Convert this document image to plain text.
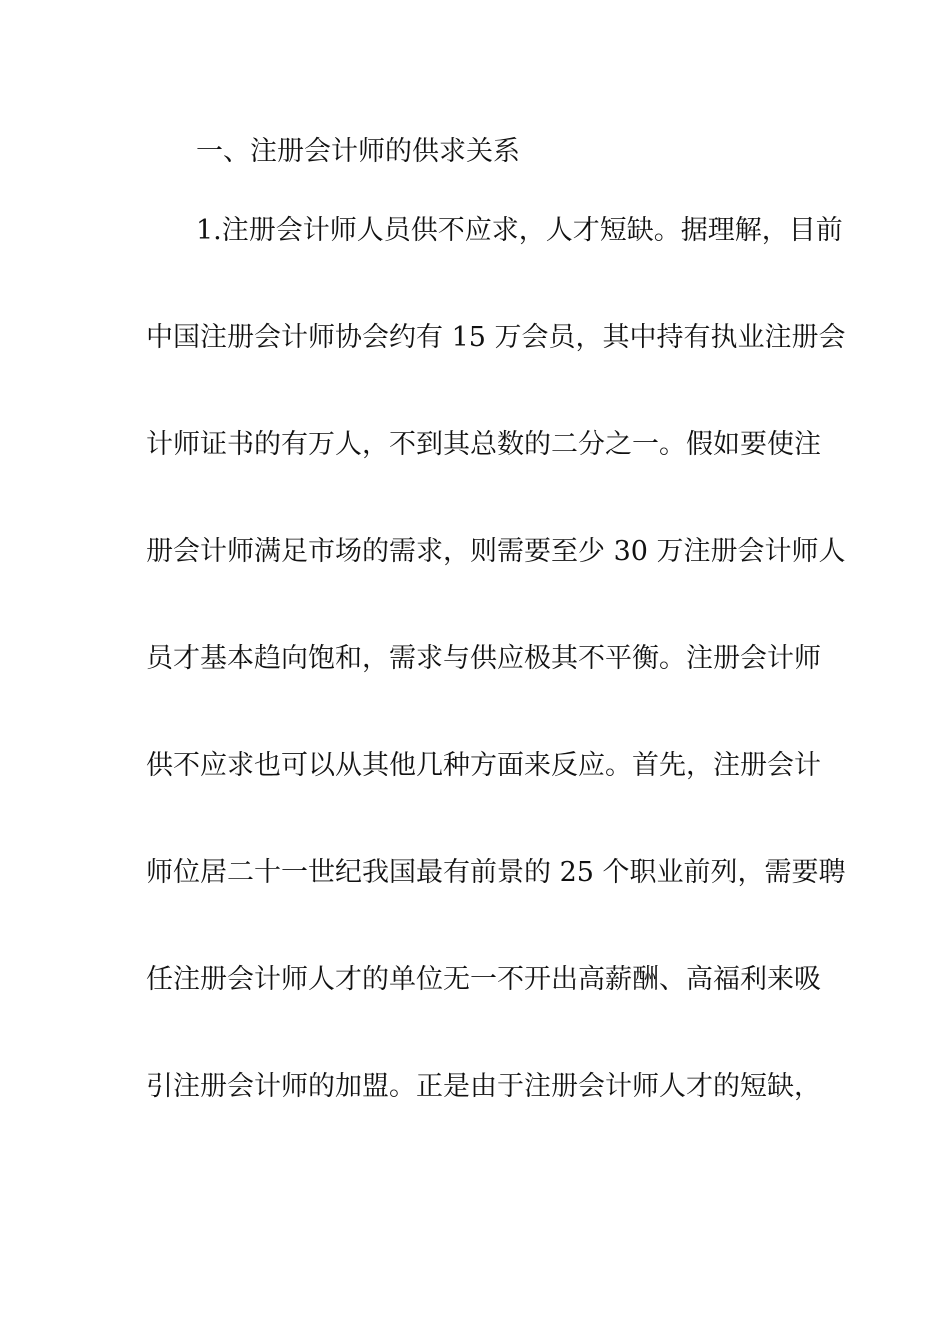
一、注册会计师的供求关系
1.注册会计师人员供不应求，人才短缺。据理解，目前
中国注册会计师协会约有 15 万会员，其中持有执业注册会
计师证书的有万人，不到其总数的二分之一。假如要使注
册会计师满足市场的需求，则需要至少 30 万注册会计师人
员才基本趋向饱和，需求与供应极其不平衡。注册会计师
供不应求也可以从其他几种方面来反应。首先，注册会计
师位居二十一世纪我国最有前景的 25 个职业前列，需要聘
任注册会计师人才的单位无一不开出高薪酬、高福利来吸
引注册会计师的加盟。正是由于注册会计师人才的短缺，
